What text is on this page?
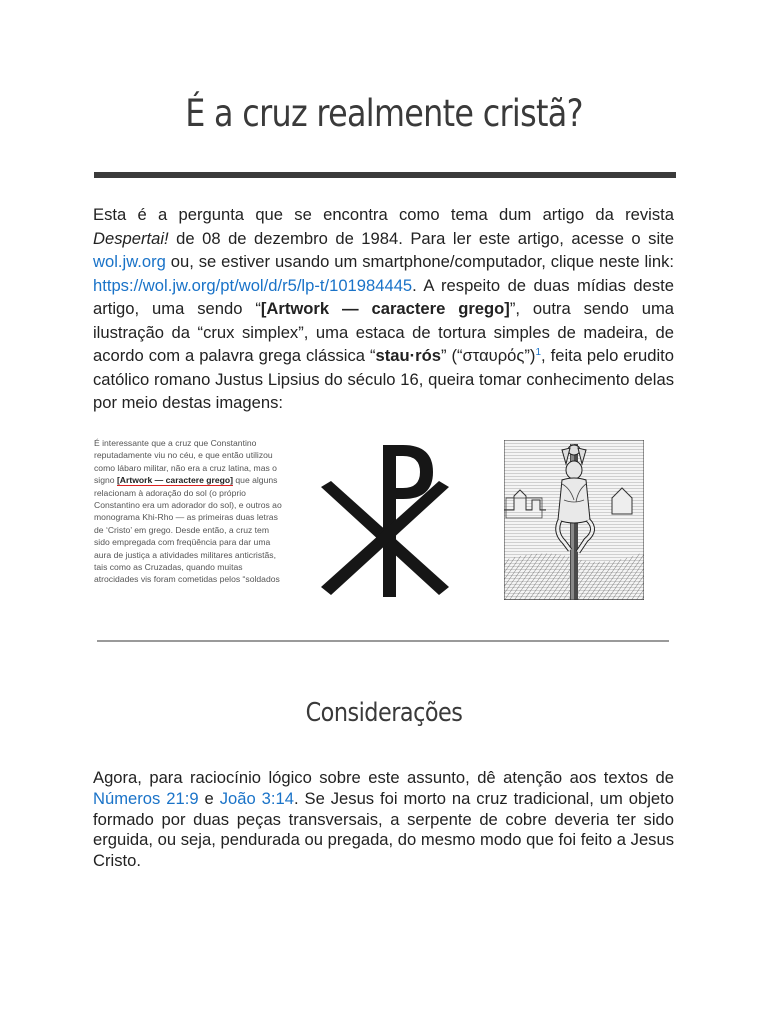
É a cruz realmente cristã?

Esta é a pergunta que se encontra como tema dum artigo da revista Despertai! de 08 de dezembro de 1984. Para ler este artigo, acesse o site wol.jw.org ou, se estiver usando um smartphone/computador, clique neste link: https://wol.jw.org/pt/wol/d/r5/lp-t/101984445. A respeito de duas mídias deste artigo, uma sendo “[Artwork — caractere grego]”, outra sendo uma ilustração da “crux simplex”, uma estaca de tortura simples de madeira, de acordo com a palavra grega clássica “stau·rós” (“σταυρός”)$^1$, feita pelo erudito católico romano Justus Lipsius do século 16, queira tomar conhecimento delas por meio destas imagens:

É interessante que a cruz que Constantino reputadamente viu no céu, e que então utilizou como lábaro militar, não era a cruz latina, mas o signo [Artwork — caractere grego] que alguns relacionam à adoração do sol (o próprio Constantino era um adorador do sol), e outros ao monograma Khi-Rho — as primeiras duas letras de ‘Cristo’ em grego. Desde então, a cruz tem sido empregada com freqüência para dar uma aura de justiça a atividades militares anticristãs, tais como as Cruzadas, quando muitas atrocidades vis foram cometidas pelos “soldados
Considerações

Agora, para raciocínio lógico sobre este assunto, dê atenção aos textos de Números 21:9 e João 3:14. Se Jesus foi morto na cruz tradicional, um objeto formado por duas peças transversais, a serpente de cobre deveria ter sido erguida, ou seja, pendurada ou pregada, do mesmo modo que foi feito a Jesus Cristo.
